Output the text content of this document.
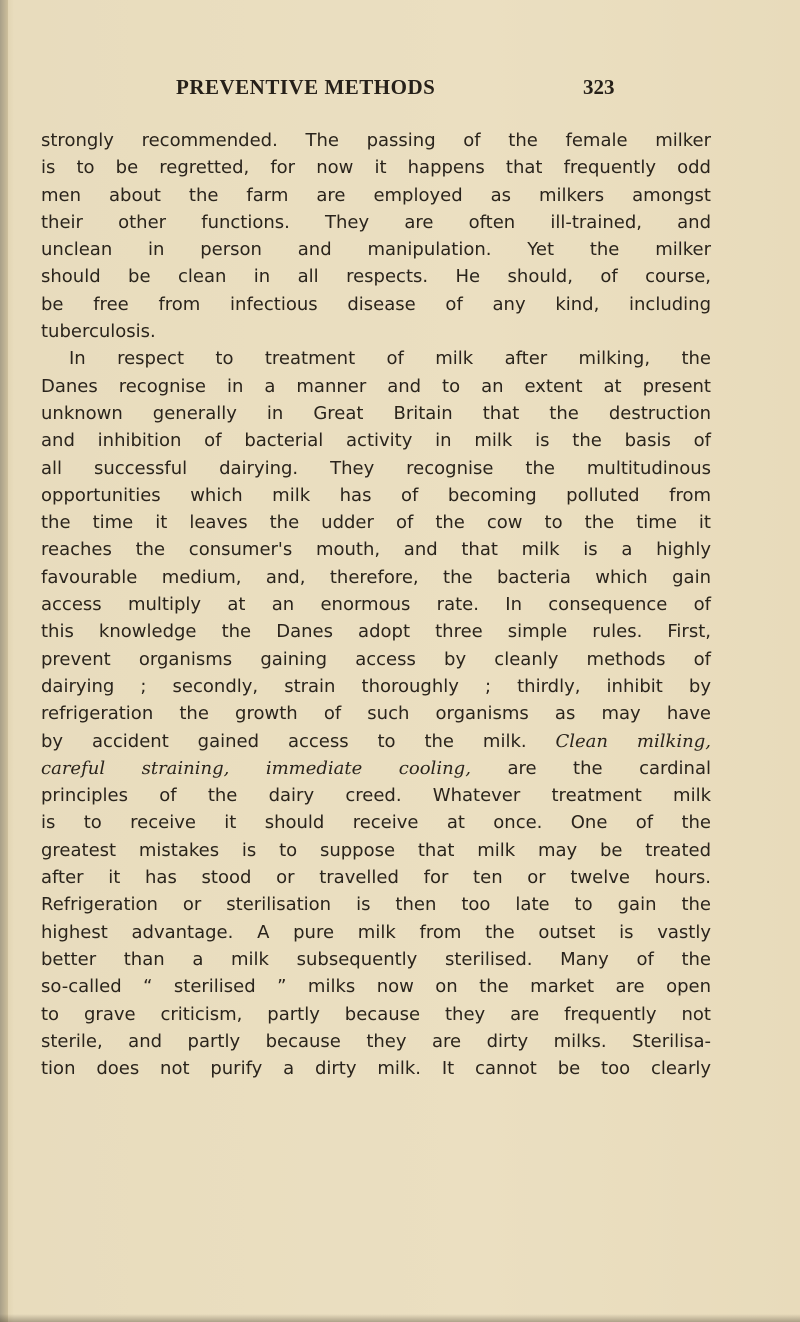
PREVENTIVE METHODS	323
strongly recommended. The passing of the female milker
is to be regretted, for now it happens that frequently odd
men about the farm are employed as milkers amongst
their other functions. They are often ill-trained, and
unclean in person and manipulation. Yet the milker
should be clean in all respects. He should, of course,
be free from infectious disease of any kind, including
tuberculosis.
In respect to treatment of milk after milking, the
Danes recognise in a manner and to an extent at present
unknown generally in Great Britain that the destruction
and inhibition of bacterial activity in milk is the basis of
all successful dairying. They recognise the multitudinous
opportunities which milk has of becoming polluted from
the time it leaves the udder of the cow to the time it
reaches the consumer's mouth, and that milk is a highly
favourable medium, and, therefore, the bacteria which gain
access multiply at an enormous rate. In consequence of
this knowledge the Danes adopt three simple rules. First,
prevent organisms gaining access by cleanly methods of
dairying ; secondly, strain thoroughly ; thirdly, inhibit by
refrigeration the growth of such organisms as may have
by accident gained access to the milk. Clean milking,
careful straining, immediate cooling, are the cardinal
principles of the dairy creed. Whatever treatment milk
is to receive it should receive at once. One of the
greatest mistakes is to suppose that milk may be treated
after it has stood or travelled for ten or twelve hours.
Refrigeration or sterilisation is then too late to gain the
highest advantage. A pure milk from the outset is vastly
better than a milk subsequently sterilised. Many of the
so-called “ sterilised ” milks now on the market are open
to grave criticism, partly because they are frequently not
sterile, and partly because they are dirty milks. Sterilisa-
tion does not purify a dirty milk. It cannot be too clearly
